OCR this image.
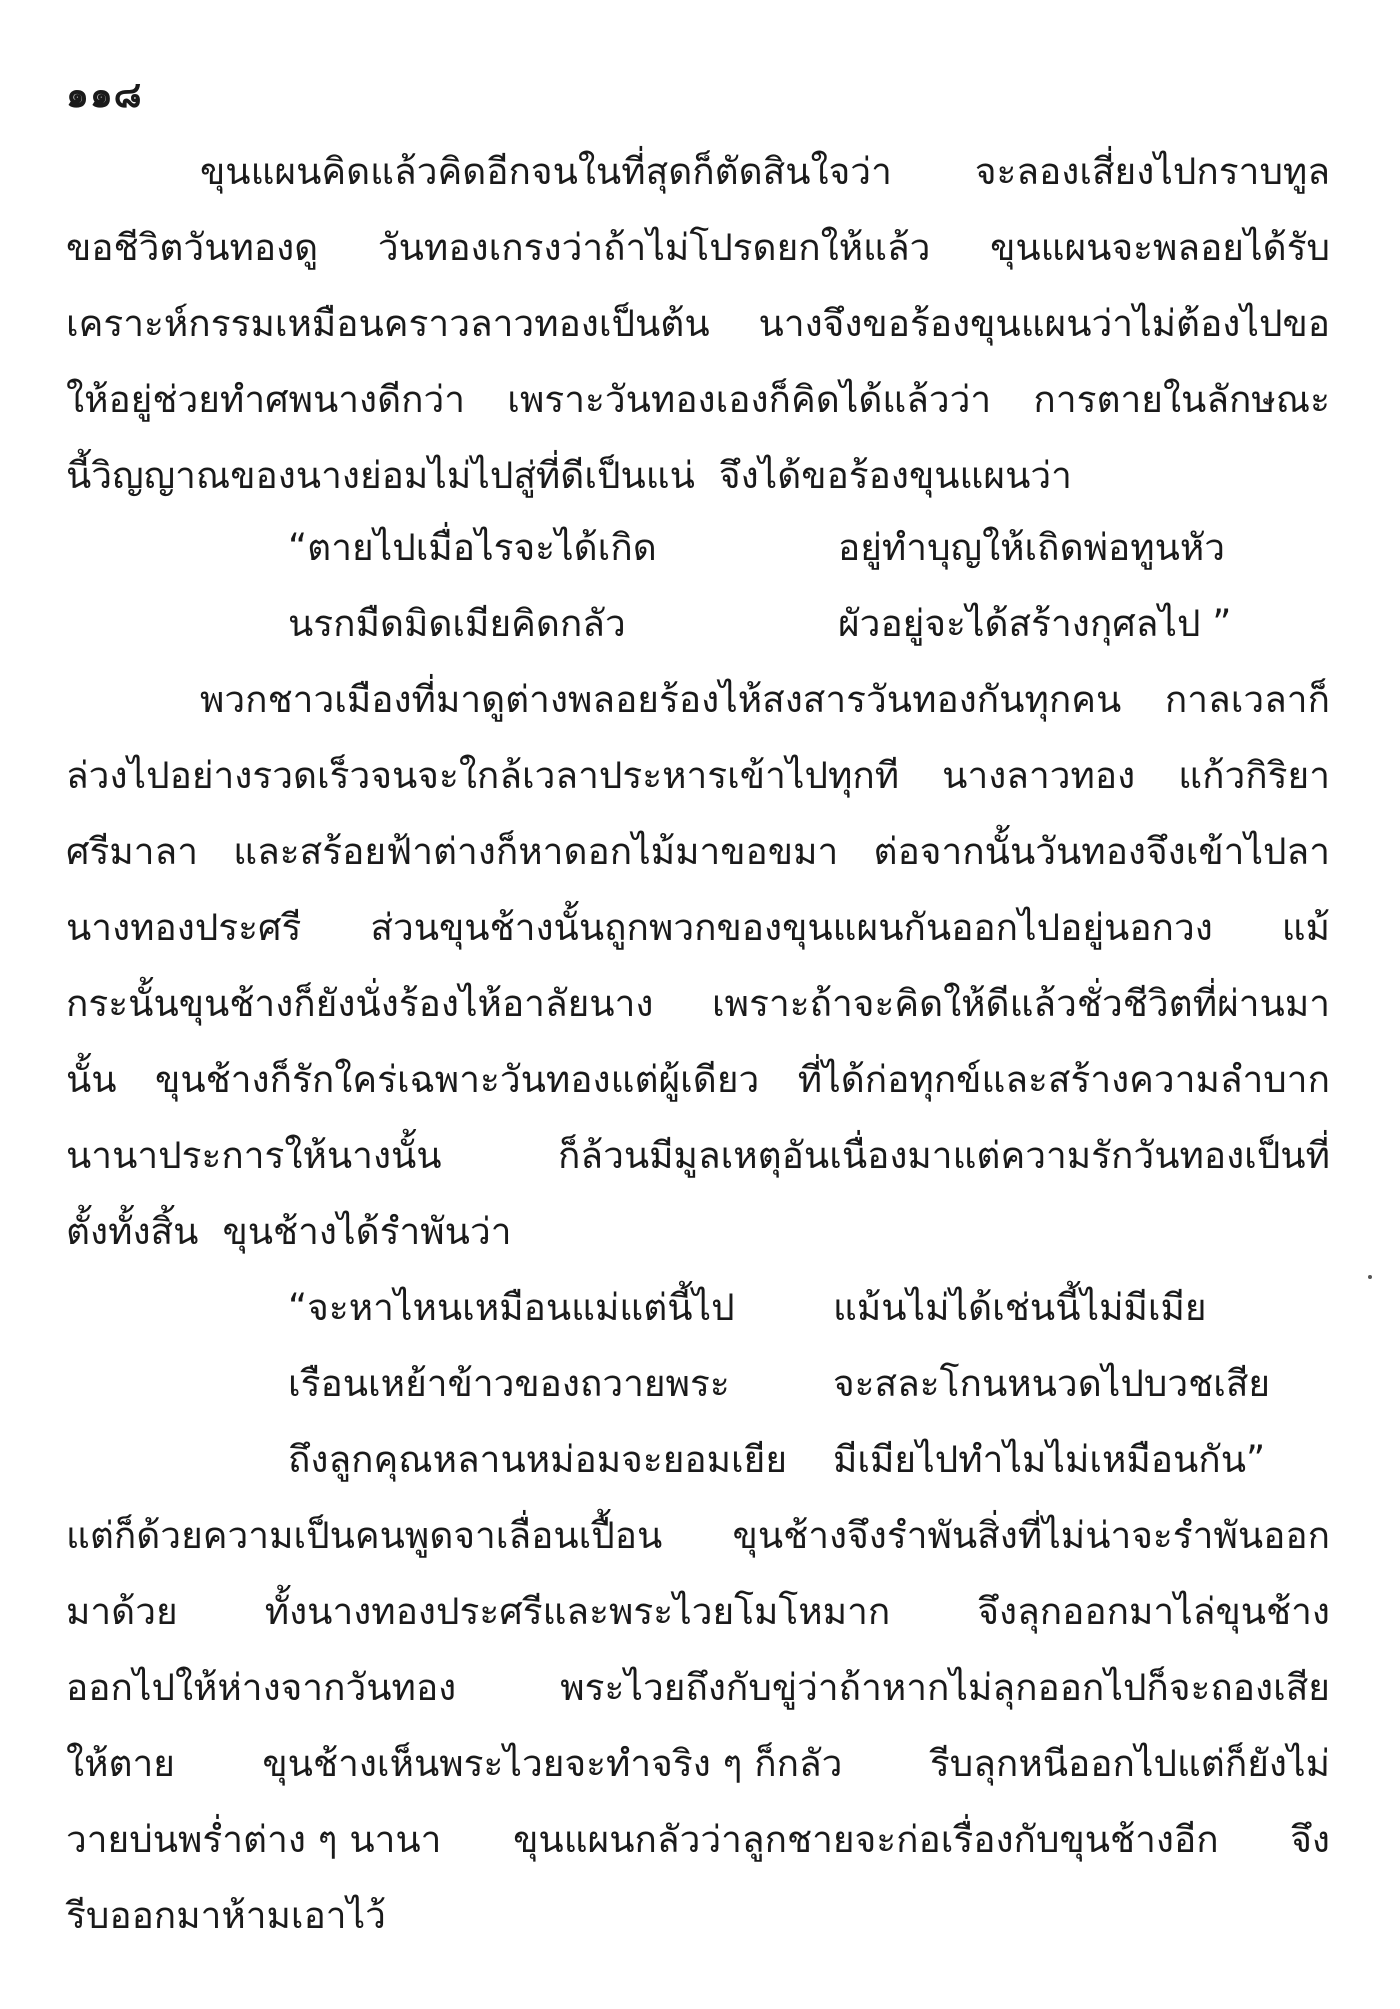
๑๑๘
ขุนแผนคิดแล้วคิดอีกจนในที่สุดก็ตัดสินใจว่า จะลองเสี่ยงไปกราบทูล
ขอชีวิตวันทองดู วันทองเกรงว่าถ้าไม่โปรดยกให้แล้ว ขุนแผนจะพลอยได้รับ
เคราะห์กรรมเหมือนคราวลาวทองเป็นต้น นางจึงขอร้องขุนแผนว่าไม่ต้องไปขอ
ให้อยู่ช่วยทำศพนางดีกว่า เพราะวันทองเองก็คิดได้แล้วว่า การตายในลักษณะ
นี้วิญญาณของนางย่อมไม่ไปสู่ที่ดีเป็นแน่ จึงได้ขอร้องขุนแผนว่า
“ตายไปเมื่อไรจะได้เกิด	อยู่ทำบุญให้เถิดพ่อทูนหัว
นรกมืดมิดเมียคิดกลัว	ผัวอยู่จะได้สร้างกุศลไป ”
พวกชาวเมืองที่มาดูต่างพลอยร้องไห้สงสารวันทองกันทุกคน กาลเวลาก็
ล่วงไปอย่างรวดเร็วจนจะใกล้เวลาประหารเข้าไปทุกที นางลาวทอง แก้วกิริยา
ศรีมาลา และสร้อยฟ้าต่างก็หาดอกไม้มาขอขมา ต่อจากนั้นวันทองจึงเข้าไปลา
นางทองประศรี ส่วนขุนช้างนั้นถูกพวกของขุนแผนกันออกไปอยู่นอกวง แม้
กระนั้นขุนช้างก็ยังนั่งร้องไห้อาลัยนาง เพราะถ้าจะคิดให้ดีแล้วชั่วชีวิตที่ผ่านมา
นั้น ขุนช้างก็รักใคร่เฉพาะวันทองแต่ผู้เดียว ที่ได้ก่อทุกข์และสร้างความลำบาก
นานาประการให้นางนั้น	ก็ล้วนมีมูลเหตุอันเนื่องมาแต่ความรักวันทองเป็นที่
ตั้งทั้งสิ้น ขุนช้างได้รำพันว่า
“จะหาไหนเหมือนแม่แต่นี้ไป	แม้นไม่ได้เช่นนี้ไม่มีเมีย
เรือนเหย้าข้าวของถวายพระ	จะสละโกนหนวดไปบวชเสีย
ถึงลูกคุณหลานหม่อมจะยอมเยีย มีเมียไปทำไมไม่เหมือนกัน”
แต่ก็ด้วยความเป็นคนพูดจาเลื่อนเปื้อน ขุนช้างจึงรำพันสิ่งที่ไม่น่าจะรำพันออก
มาด้วย ทั้งนางทองประศรีและพระไวยโมโหมาก จึงลุกออกมาไล่ขุนช้าง
ออกไปให้ห่างจากวันทอง	พระไวยถึงกับขู่ว่าถ้าหากไม่ลุกออกไปก็จะถองเสีย
ให้ตาย ขุนช้างเห็นพระไวยจะทำจริง ๆ ก็กลัว รีบลุกหนีออกไปแต่ก็ยังไม่
วายบ่นพร่ำต่าง ๆ นานา ขุนแผนกลัวว่าลูกชายจะก่อเรื่องกับขุนช้างอีก จึง
รีบออกมาห้ามเอาไว้
